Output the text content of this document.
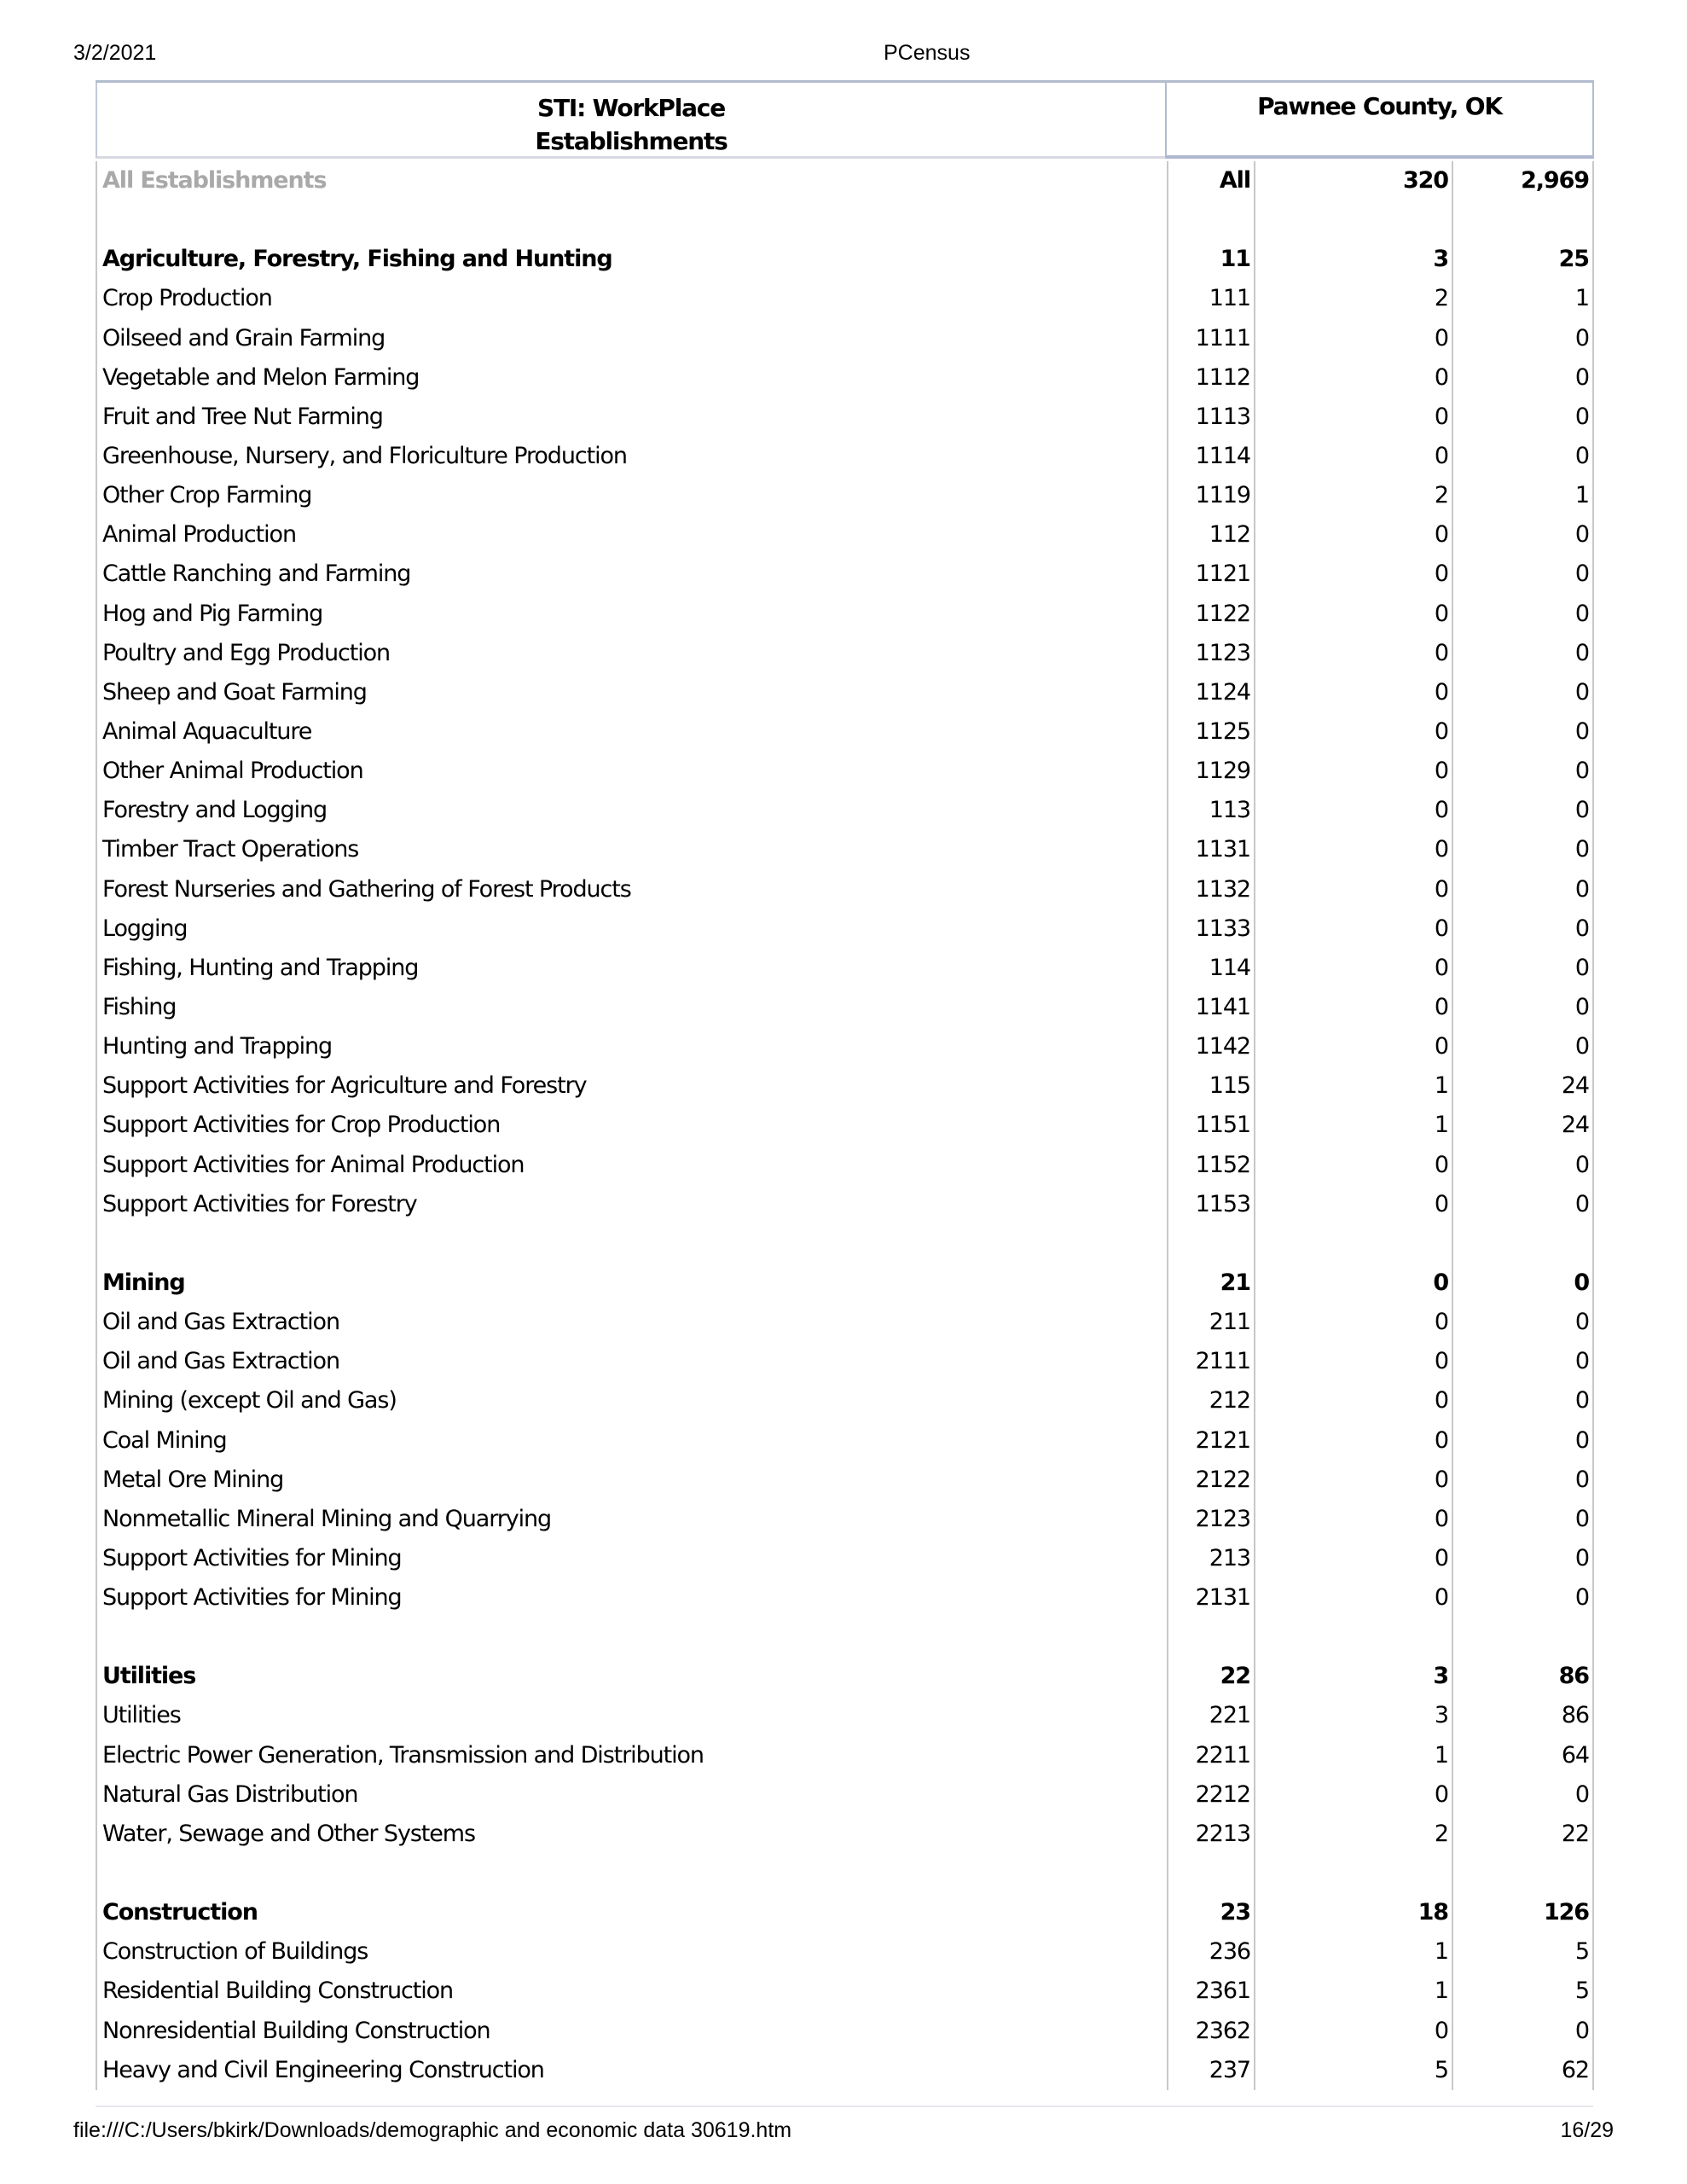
3/2/2021	PCensus
STI: WorkPlace
Establishments
Pawnee County, OK
All Establishments	All	320	2,969
Agriculture, Forestry, Fishing and Hunting	11	3	25
Crop Production	111	2	1
Oilseed and Grain Farming	1111	0	0
Vegetable and Melon Farming	1112	0	0
Fruit and Tree Nut Farming	1113	0	0
Greenhouse, Nursery, and Floriculture Production	1114	0	0
Other Crop Farming	1119	2	1
Animal Production	112	0	0
Cattle Ranching and Farming	1121	0	0
Hog and Pig Farming	1122	0	0
Poultry and Egg Production	1123	0	0
Sheep and Goat Farming	1124	0	0
Animal Aquaculture	1125	0	0
Other Animal Production	1129	0	0
Forestry and Logging	113	0	0
Timber Tract Operations	1131	0	0
Forest Nurseries and Gathering of Forest Products	1132	0	0
Logging	1133	0	0
Fishing, Hunting and Trapping	114	0	0
Fishing	1141	0	0
Hunting and Trapping	1142	0	0
Support Activities for Agriculture and Forestry	115	1	24
Support Activities for Crop Production	1151	1	24
Support Activities for Animal Production	1152	0	0
Support Activities for Forestry	1153	0	0
Mining	21	0	0
Oil and Gas Extraction	211	0	0
Oil and Gas Extraction	2111	0	0
Mining (except Oil and Gas)	212	0	0
Coal Mining	2121	0	0
Metal Ore Mining	2122	0	0
Nonmetallic Mineral Mining and Quarrying	2123	0	0
Support Activities for Mining	213	0	0
Support Activities for Mining	2131	0	0
Utilities	22	3	86
Utilities	221	3	86
Electric Power Generation, Transmission and Distribution	2211	1	64
Natural Gas Distribution	2212	0	0
Water, Sewage and Other Systems	2213	2	22
Construction	23	18	126
Construction of Buildings	236	1	5
Residential Building Construction	2361	1	5
Nonresidential Building Construction	2362	0	0
Heavy and Civil Engineering Construction	237	5	62
file:///C:/Users/bkirk/Downloads/demographic and economic data 30619.htm	16/29
